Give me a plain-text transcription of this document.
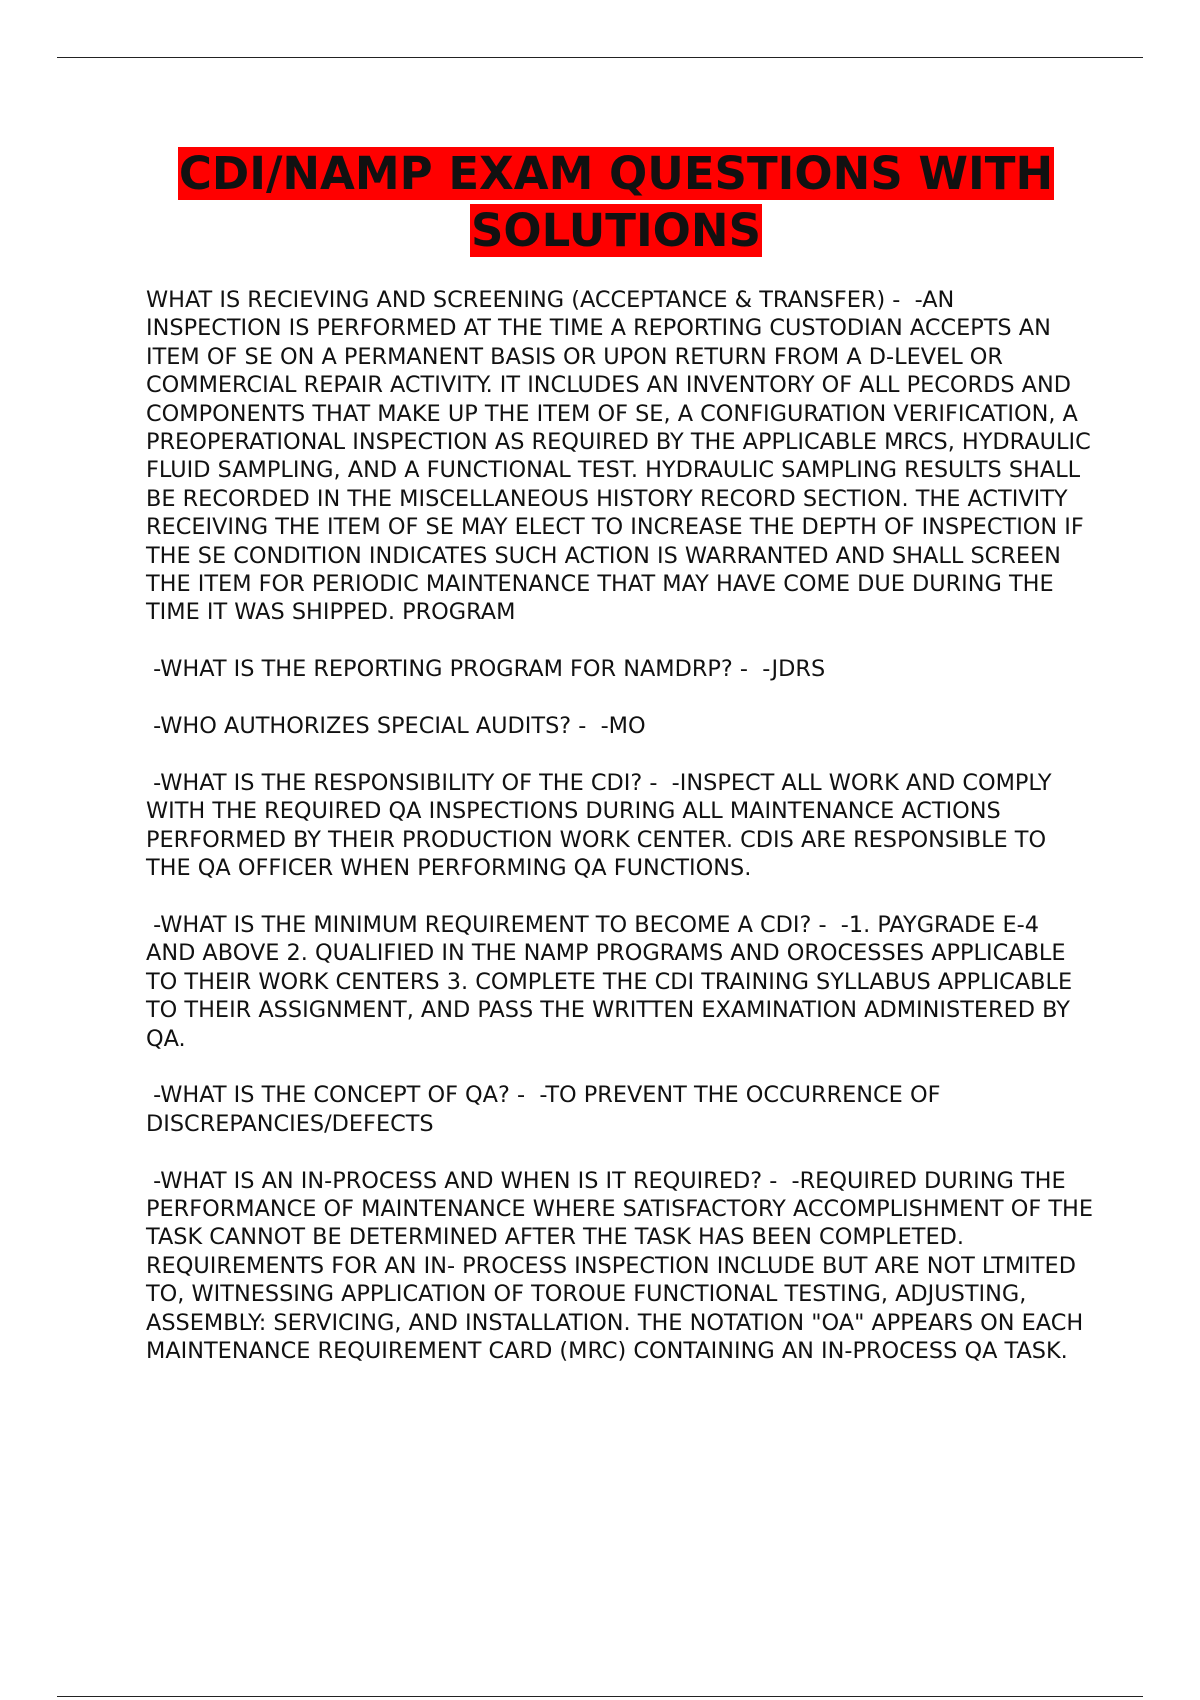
CDI/NAMP EXAM QUESTIONS WITH SOLUTIONS

WHAT IS RECIEVING AND SCREENING (ACCEPTANCE & TRANSFER) -  -AN INSPECTION IS PERFORMED AT THE TIME A REPORTING CUSTODIAN ACCEPTS AN ITEM OF SE ON A PERMANENT BASIS OR UPON RETURN FROM A D-LEVEL OR COMMERCIAL REPAIR ACTIVITY. IT INCLUDES AN INVENTORY OF ALL PECORDS AND COMPONENTS THAT MAKE UP THE ITEM OF SE, A CONFIGURATION VERIFICATION, A PREOPERATIONAL INSPECTION AS REQUIRED BY THE APPLICABLE MRCS, HYDRAULIC FLUID SAMPLING, AND A FUNCTIONAL TEST. HYDRAULIC SAMPLING RESULTS SHALL BE RECORDED IN THE MISCELLANEOUS HISTORY RECORD SECTION. THE ACTIVITY RECEIVING THE ITEM OF SE MAY ELECT TO INCREASE THE DEPTH OF INSPECTION IF THE SE CONDITION INDICATES SUCH ACTION IS WARRANTED AND SHALL SCREEN THE ITEM FOR PERIODIC MAINTENANCE THAT MAY HAVE COME DUE DURING THE TIME IT WAS SHIPPED. PROGRAM

-WHAT IS THE REPORTING PROGRAM FOR NAMDRP? -  -JDRS

-WHO AUTHORIZES SPECIAL AUDITS? -  -MO

-WHAT IS THE RESPONSIBILITY OF THE CDI? -  -INSPECT ALL WORK AND COMPLY WITH THE REQUIRED QA INSPECTIONS DURING ALL MAINTENANCE ACTIONS PERFORMED BY THEIR PRODUCTION WORK CENTER. CDIS ARE RESPONSIBLE TO THE QA OFFICER WHEN PERFORMING QA FUNCTIONS.

-WHAT IS THE MINIMUM REQUIREMENT TO BECOME A CDI? -  -1. PAYGRADE E-4 AND ABOVE 2. QUALIFIED IN THE NAMP PROGRAMS AND OROCESSES APPLICABLE TO THEIR WORK CENTERS 3. COMPLETE THE CDI TRAINING SYLLABUS APPLICABLE TO THEIR ASSIGNMENT, AND PASS THE WRITTEN EXAMINATION ADMINISTERED BY QA.

-WHAT IS THE CONCEPT OF QA? -  -TO PREVENT THE OCCURRENCE OF DISCREPANCIES/DEFECTS

-WHAT IS AN IN-PROCESS AND WHEN IS IT REQUIRED? -  -REQUIRED DURING THE PERFORMANCE OF MAINTENANCE WHERE SATISFACTORY ACCOMPLISHMENT OF THE TASK CANNOT BE DETERMINED AFTER THE TASK HAS BEEN COMPLETED. REQUIREMENTS FOR AN IN- PROCESS INSPECTION INCLUDE BUT ARE NOT LTMITED TO, WITNESSING APPLICATION OF TOROUE FUNCTIONAL TESTING, ADJUSTING, ASSEMBLY: SERVICING, AND INSTALLATION. THE NOTATION "OA" APPEARS ON EACH MAINTENANCE REQUIREMENT CARD (MRC) CONTAINING AN IN-PROCESS QA TASK.
